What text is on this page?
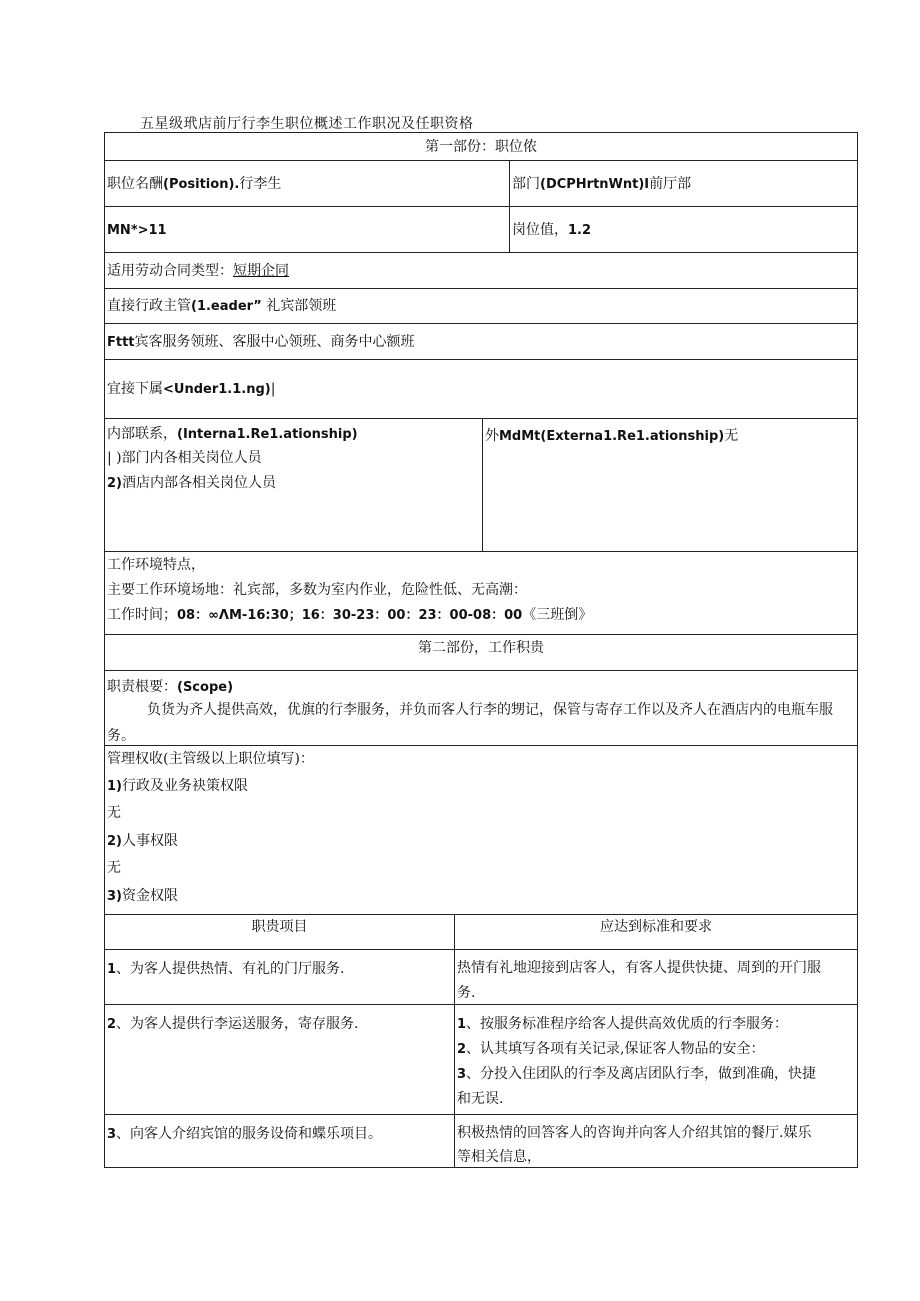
五星级玳店前厅行李生职位概述工作职况及任职资格
第一部份：职位侬
职位名酬(Position).行李生	部门(DCPHrtnWnt)I前厅部
MN*>11	岗位值，1.2
适用劳动合同类型：短期企同
直接行政主管(1.eader” 礼宾部领班
Fttt宾客服务领班、客服中心领班、商务中心额班
宜接下属<Under1.1.ng)|
内部联系，(Interna1.Re1.ationship)
| )部门内各相关岗位人员
2)酒店内部各相关岗位人员
外MdMt(Externa1.Re1.ationship)无
工作环境特点，
主要工作环境场地：礼宾部，多数为室内作业，危险性低、无高潮：
工作时间；08：∞ΛM-16:30；16：30-23：00：23：00-08：00《三班倒》
第二部份，工作积贵
职责根要：(Scope)
负货为齐人提供高效，优旗的行李服务，并负而客人行李的甥记，保管与寄存工作以及齐人在酒店内的电瓶车服务。
管理权收(主管级以上职位填写)：
1)行政及业务袂策权限
无
2)人事权限
无
3)资金权限
职贵项目	应达到标准和要求
1、为客人提供热情、有礼的门厅服务.	热情有礼地迎接到店客人，有客人提供快捷、周到的开门服
务.
2、为客人提供行李运送服务，寄存服务.	1、按服务标准程序给客人提供高效优质的行李服务：
2、认其填写各项有关记录,保证客人物品的安全：
3、分投入住团队的行李及离店团队行李，做到准确，快捷
和无误.
3、向客人介绍宾馆的服务设倚和蝶乐项目。	积极热情的回答客人的咨询并向客人介绍其馆的餐厅.媒乐
等相关信息，
